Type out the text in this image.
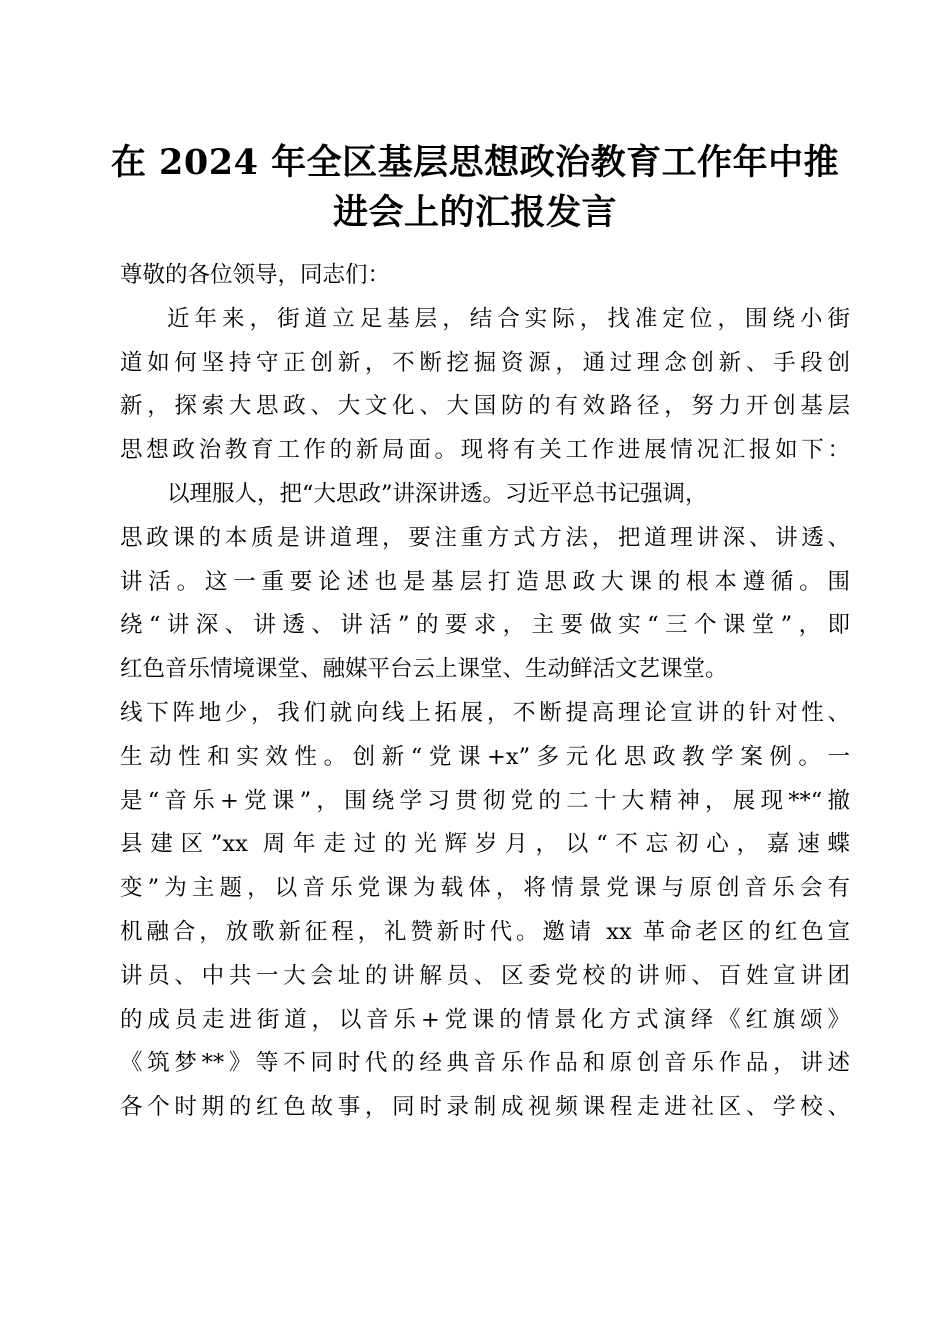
在 2024 年全区基层思想政治教育工作年中推
进会上的汇报发言
尊敬的各位领导，同志们：
近年来，街道立足基层，结合实际，找准定位，围绕小街
道如何坚持守正创新，不断挖掘资源，通过理念创新、手段创
新，探索大思政、大文化、大国防的有效路径，努力开创基层
思想政治教育工作的新局面。现将有关工作进展情况汇报如下：
以理服人，把“大思政”讲深讲透。习近平总书记强调，
思政课的本质是讲道理，要注重方式方法，把道理讲深、讲透、
讲活。这一重要论述也是基层打造思政大课的根本遵循。围
绕“讲深、讲透、讲活”的要求，主要做实“三个课堂”，即
红色音乐情境课堂、融媒平台云上课堂、生动鲜活文艺课堂。
线下阵地少，我们就向线上拓展，不断提高理论宣讲的针对性、
生动性和实效性。创新“党课+x”多元化思政教学案例。一
是“音乐+党课”，围绕学习贯彻党的二十大精神，展现**“撤
县建区”xx 周年走过的光辉岁月，以“不忘初心，嘉速蝶
变”为主题，以音乐党课为载体，将情景党课与原创音乐会有
机融合，放歌新征程，礼赞新时代。邀请 xx 革命老区的红色宣
讲员、中共一大会址的讲解员、区委党校的讲师、百姓宣讲团
的成员走进街道，以音乐+党课的情景化方式演绎《红旗颂》
《筑梦**》等不同时代的经典音乐作品和原创音乐作品，讲述
各个时期的红色故事，同时录制成视频课程走进社区、学校、
